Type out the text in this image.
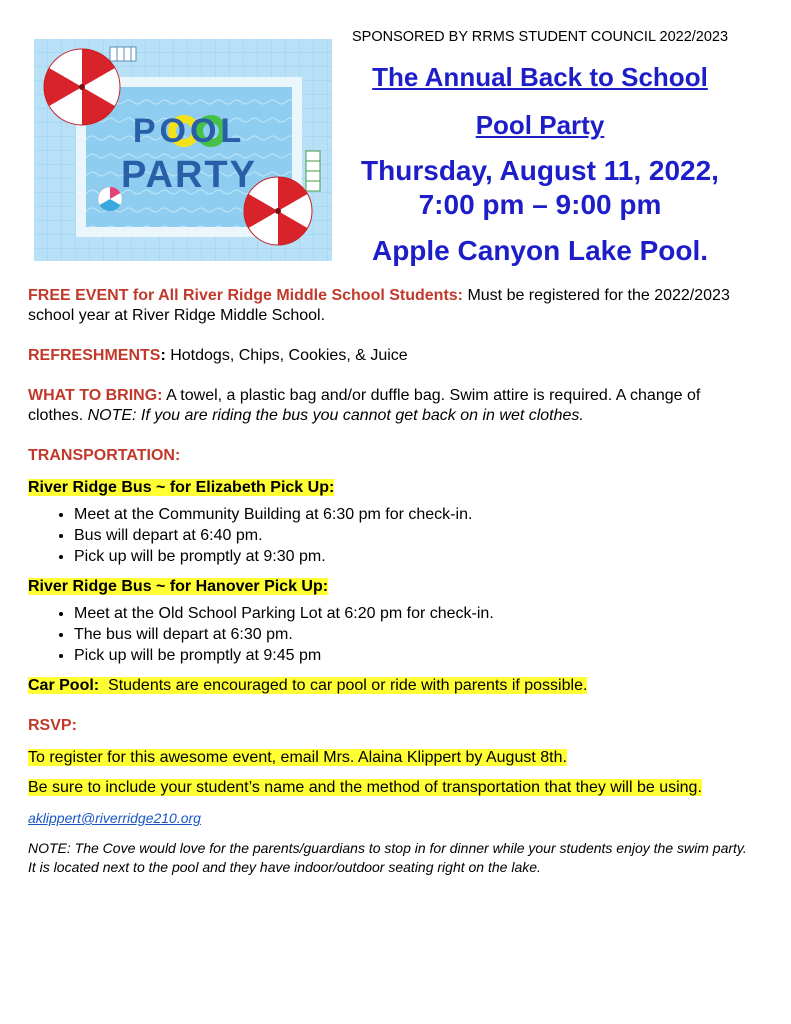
SPONSORED BY RRMS STUDENT COUNCIL 2022/2023
POOL
PARTY
The Annual Back to School
Pool Party
Thursday, August 11, 2022,
7:00 pm – 9:00 pm
Apple Canyon Lake Pool.

FREE EVENT for All River Ridge Middle School Students: Must be registered for the 2022/2023 school year at River Ridge Middle School.

REFRESHMENTS: Hotdogs, Chips, Cookies, & Juice

WHAT TO BRING: A towel, a plastic bag and/or duffle bag. Swim attire is required. A change of clothes. NOTE: If you are riding the bus you cannot get back on in wet clothes.

TRANSPORTATION:

River Ridge Bus ~ for Elizabeth Pick Up:

• Meet at the Community Building at 6:30 pm for check-in.
• Bus will depart at 6:40 pm.
• Pick up will be promptly at 9:30 pm.

River Ridge Bus ~ for Hanover Pick Up:

• Meet at the Old School Parking Lot at 6:20 pm for check-in.
• The bus will depart at 6:30 pm.
• Pick up will be promptly at 9:45 pm

Car Pool:  Students are encouraged to car pool or ride with parents if possible.

RSVP:

To register for this awesome event, email Mrs. Alaina Klippert by August 8th.

Be sure to include your student’s name and the method of transportation that they will be using.

aklippert@riverridge210.org

NOTE: The Cove would love for the parents/guardians to stop in for dinner while your students enjoy the swim party. It is located next to the pool and they have indoor/outdoor seating right on the lake.
